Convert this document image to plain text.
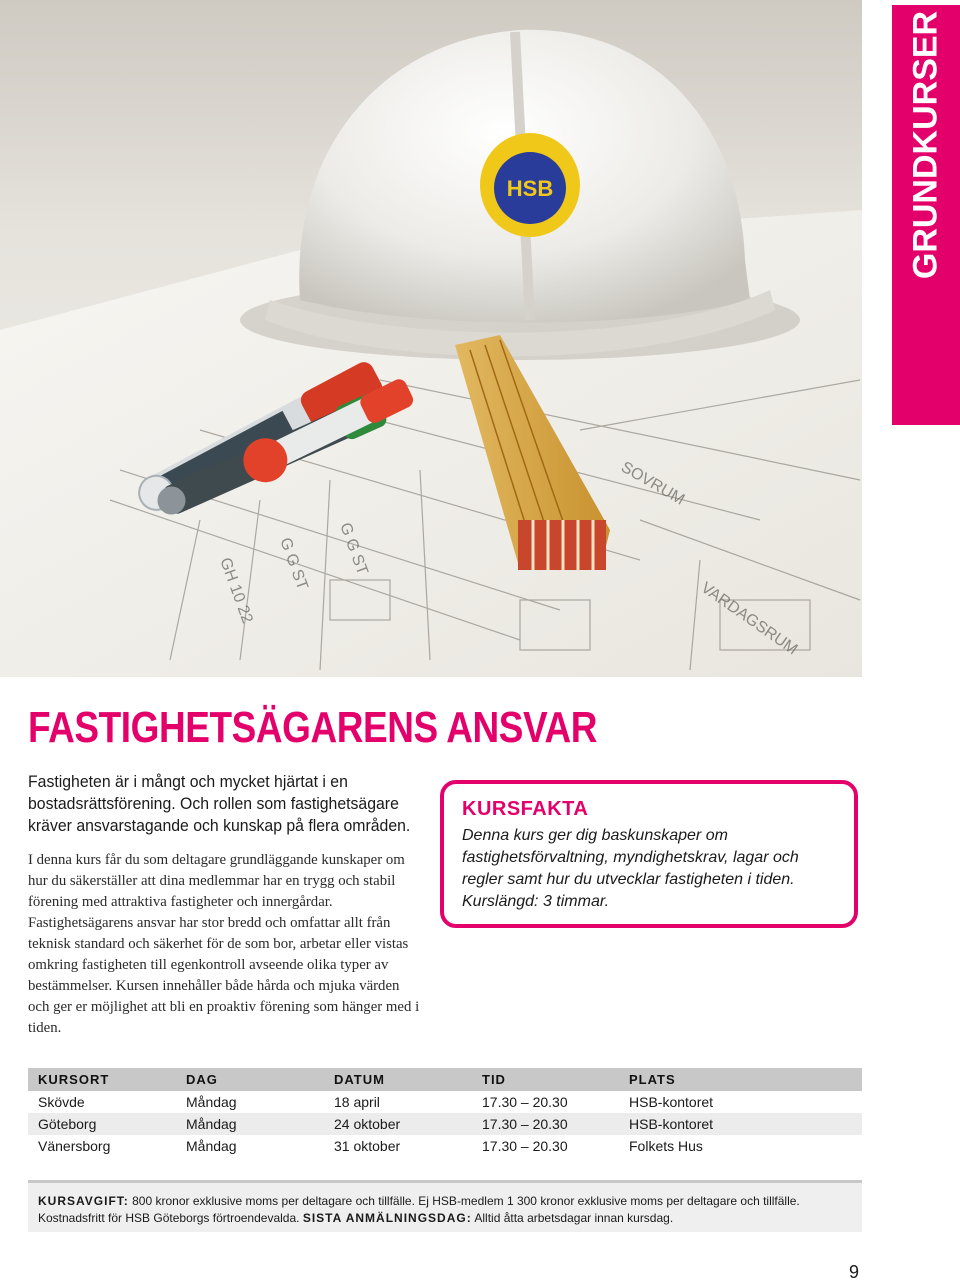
GH 10 22 G G ST G G ST
VARDAGSRUM
SOVRUM
HSB	GRUNDKURSER
FASTIGHETSÄGARENS ANSVAR

Fastigheten är i mångt och mycket hjärtat i en bostadsrättsförening. Och rollen som fastighetsägare kräver ansvarstagande och kunskap på flera områden.

I denna kurs får du som deltagare grundläggande kunskaper om hur du säkerställer att dina medlemmar har en trygg och stabil förening med attraktiva fastigheter och innergårdar.

Fastighetsägarens ansvar har stor bredd och omfattar allt från teknisk standard och säkerhet för de som bor, arbetar eller vistas omkring fastigheten till egenkontroll avseende olika typer av bestämmelser. Kursen innehåller både hårda och mjuka värden och ger er möjlighet att bli en proaktiv förening som hänger med i tiden.

KURSFAKTA

Denna kurs ger dig baskunskaper om fastighetsförvaltning, myndighetskrav, lagar och regler samt hur du utvecklar fastigheten i tiden.

Kurslängd: 3 timmar.

KURSORT	DAG	DATUM	TID	PLATS
Skövde	Måndag	18 april	17.30 – 20.30	HSB-kontoret
Göteborg	Måndag	24 oktober	17.30 – 20.30	HSB-kontoret
Vänersborg	Måndag	31 oktober	17.30 – 20.30	Folkets Hus
KURSAVGIFT: 800 kronor exklusive moms per deltagare och tillfälle. Ej HSB-medlem 1 300 kronor exklusive moms per deltagare och tillfälle.
Kostnadsfritt för HSB Göteborgs förtroendevalda. SISTA ANMÄLNINGSDAG: Alltid åtta arbetsdagar innan kursdag.
9
